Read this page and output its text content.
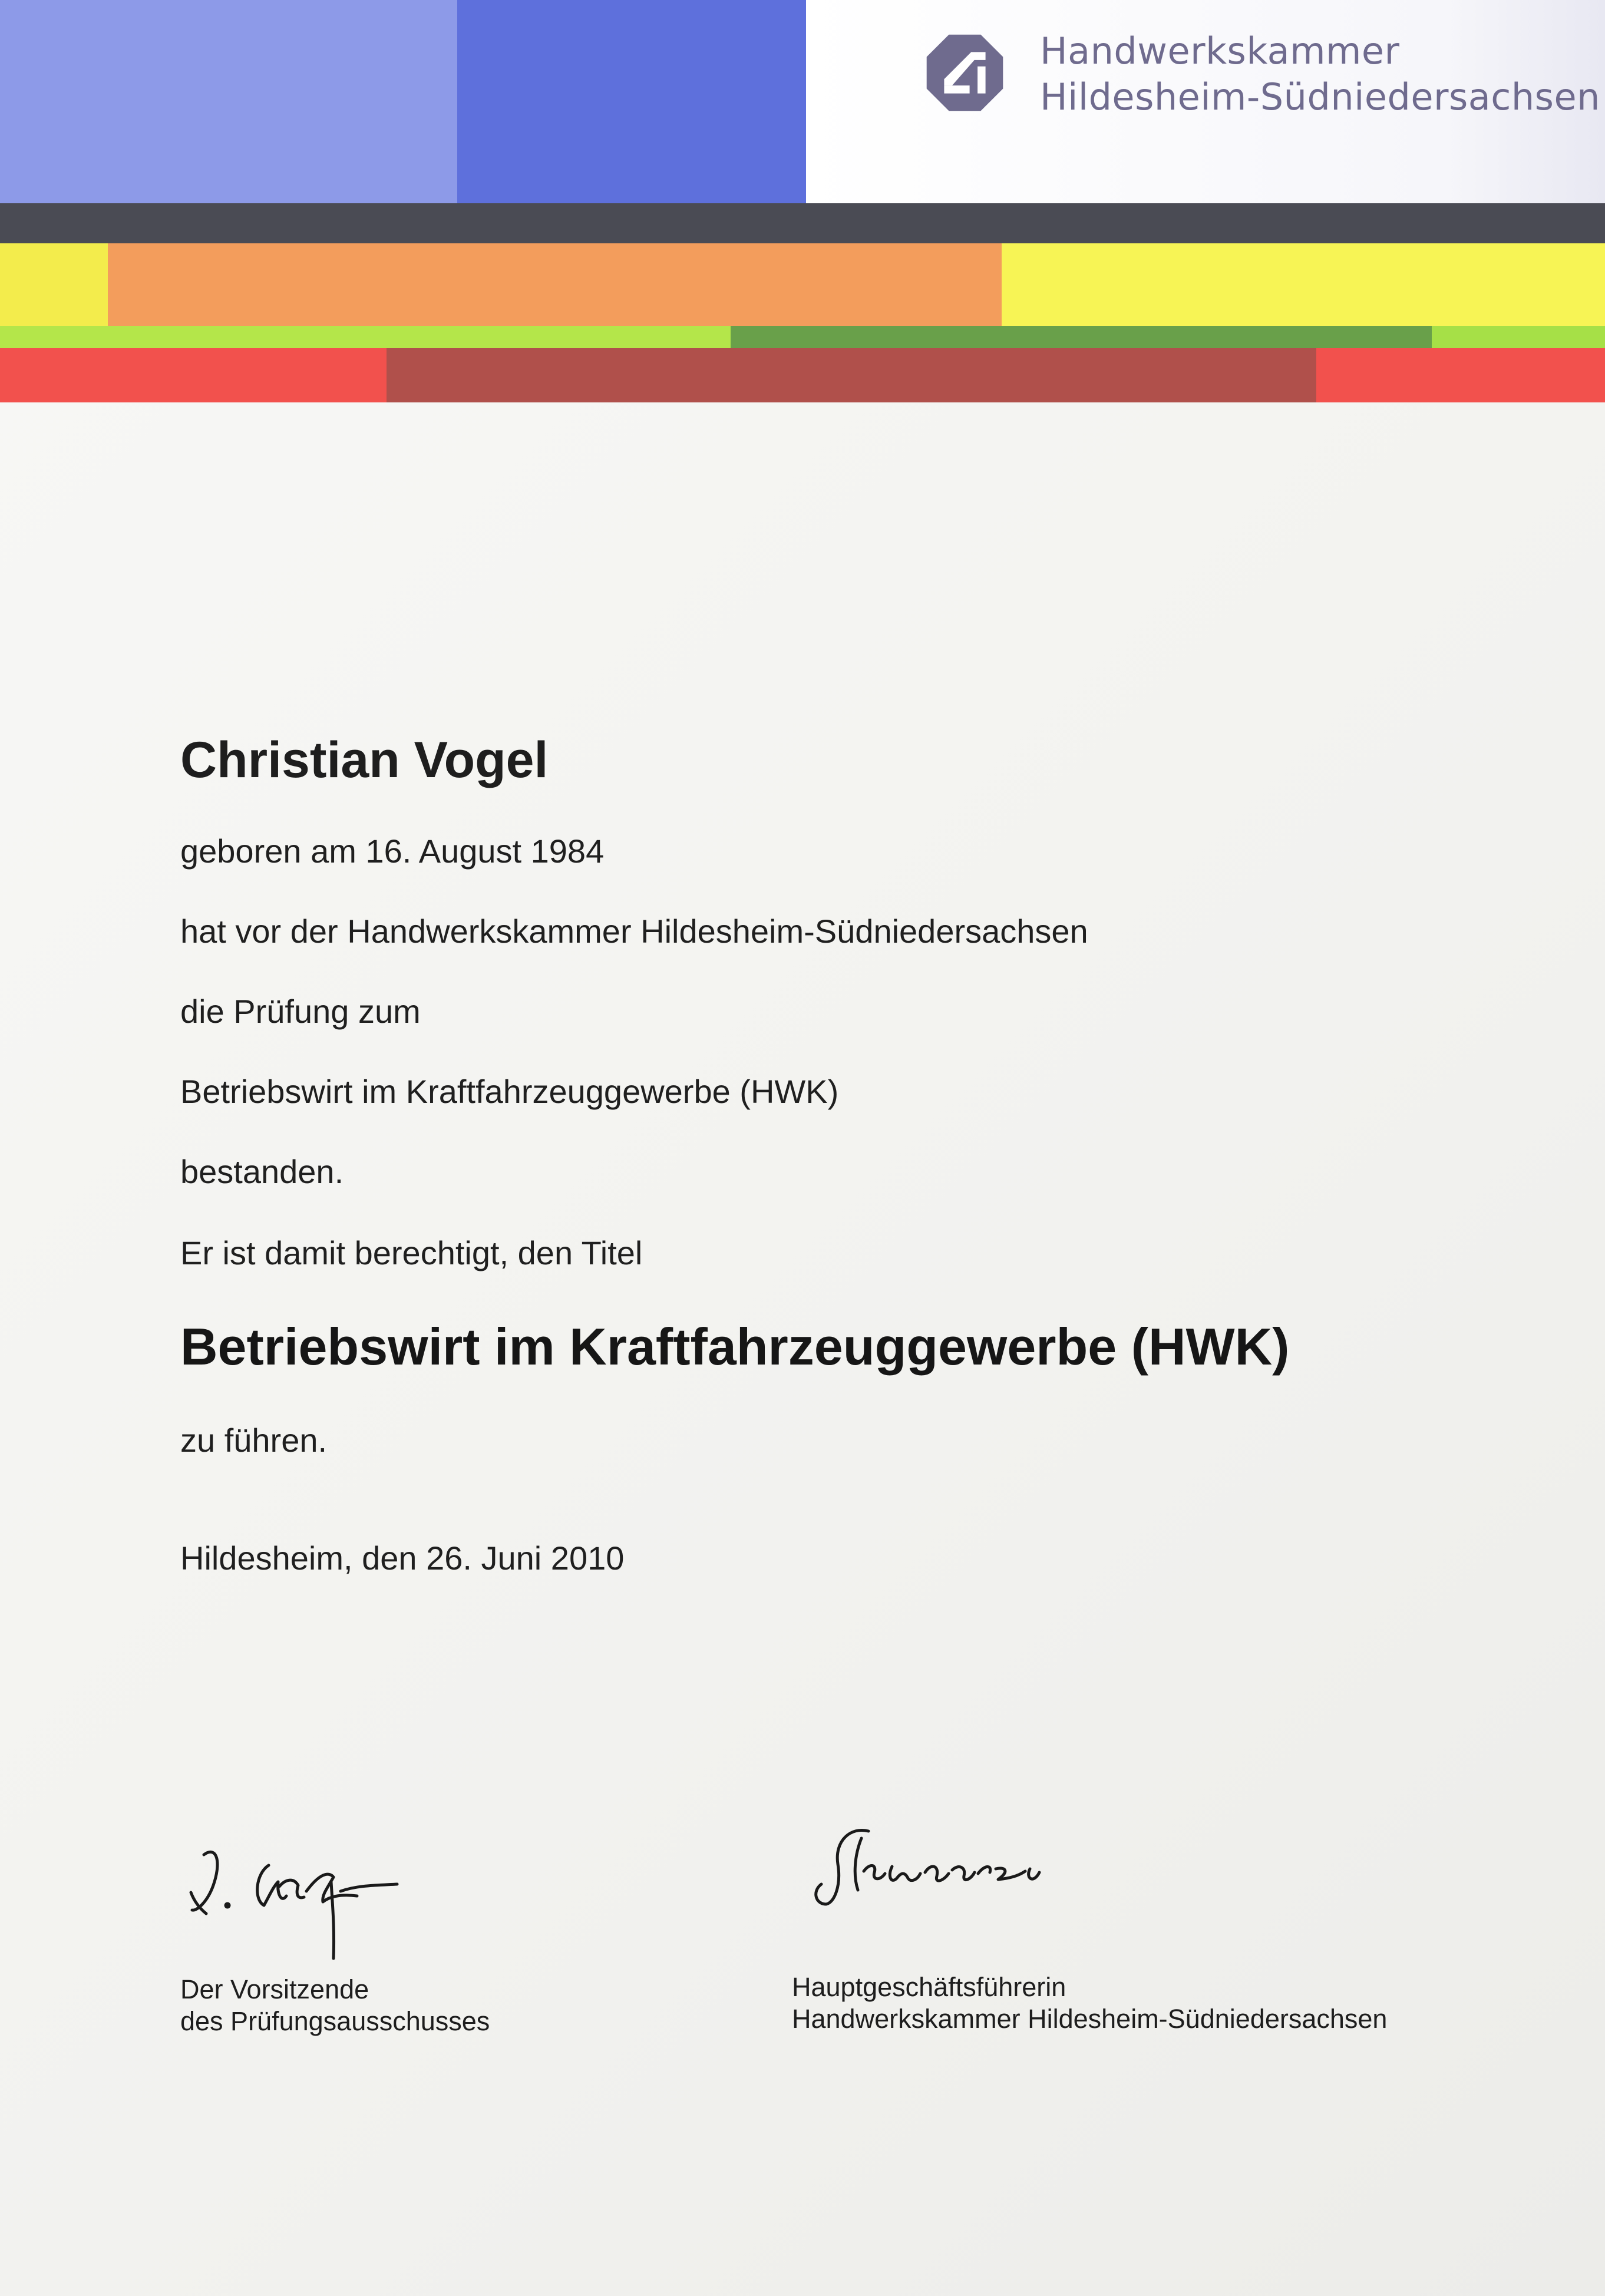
Handwerkskammer
Hildesheim-Südniedersachsen
Christian Vogel

geboren am 16. August 1984

hat vor der Handwerkskammer Hildesheim-Südniedersachsen

die Prüfung zum

Betriebswirt im Kraftfahrzeuggewerbe (HWK)

bestanden.

Er ist damit berechtigt, den Titel

Betriebswirt im Kraftfahrzeuggewerbe (HWK)

zu führen.

Hildesheim, den 26. Juni 2010

Der Vorsitzende

des Prüfungsausschusses

Hauptgeschäftsführerin

Handwerkskammer Hildesheim-Südniedersachsen
